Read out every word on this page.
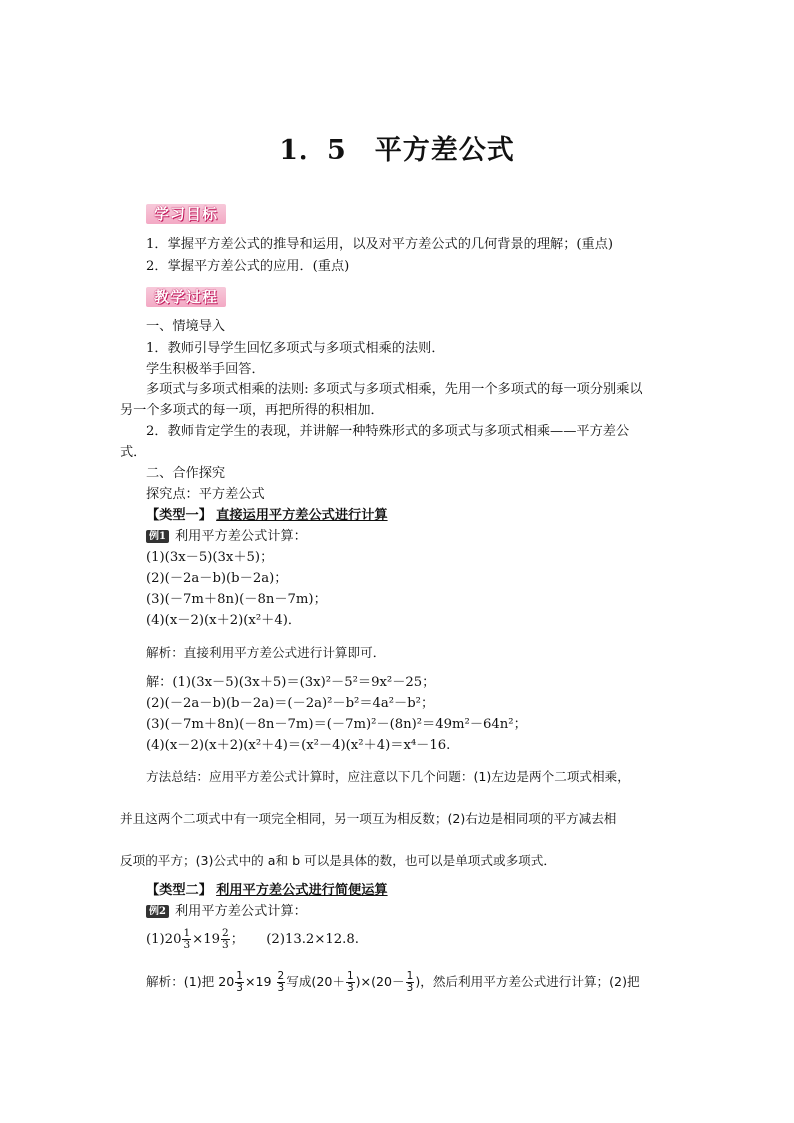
1．5 平方差公式
学习目标
1．掌握平方差公式的推导和运用，以及对平方差公式的几何背景的理解；(重点)
2．掌握平方差公式的应用．(重点)
教学过程
一、情境导入
1．教师引导学生回忆多项式与多项式相乘的法则．
学生积极举手回答．
多项式与多项式相乘的法则: 多项式与多项式相乘，先用一个多项式的每一项分别乘以
另一个多项式的每一项，再把所得的积相加．
2．教师肯定学生的表现，并讲解一种特殊形式的多项式与多项式相乘——平方差公
式．
二、合作探究
探究点：平方差公式
【类型一】 直接运用平方差公式进行计算
例1 利用平方差公式计算：
(1)(3x－5)(3x＋5)；
(2)(－2a－b)(b－2a)；
(3)(－7m＋8n)(－8n－7m)；
(4)(x－2)(x＋2)(x²＋4)．
解析：直接利用平方差公式进行计算即可．
解：(1)(3x－5)(3x＋5)＝(3x)²－5²＝9x²－25；
(2)(－2a－b)(b－2a)＝(－2a)²－b²＝4a²－b²；
(3)(－7m＋8n)(－8n－7m)＝(－7m)²－(8n)²＝49m²－64n²；
(4)(x－2)(x＋2)(x²＋4)＝(x²－4)(x²＋4)＝x⁴－16.
方法总结：应用平方差公式计算时，应注意以下几个问题：(1)左边是两个二项式相乘，
并且这两个二项式中有一项完全相同，另一项互为相反数；(2)右边是相同项的平方减去相
反项的平方；(3)公式中的 a和 b 可以是具体的数，也可以是单项式或多项式．
【类型二】 利用平方差公式进行简便运算
例2 利用平方差公式计算：
$(1)20 \frac{1}{3} \times 19 \frac{2}{3}$ ； (2)13.2×12.8.
解析：(1)把 $20 \frac{1}{3} \times 19 \frac{2}{3}$ 写成$(20+ \frac{1}{3} )\times(20- \frac{1}{3}$ )，然后利用平方差公式进行计算；(2)把
